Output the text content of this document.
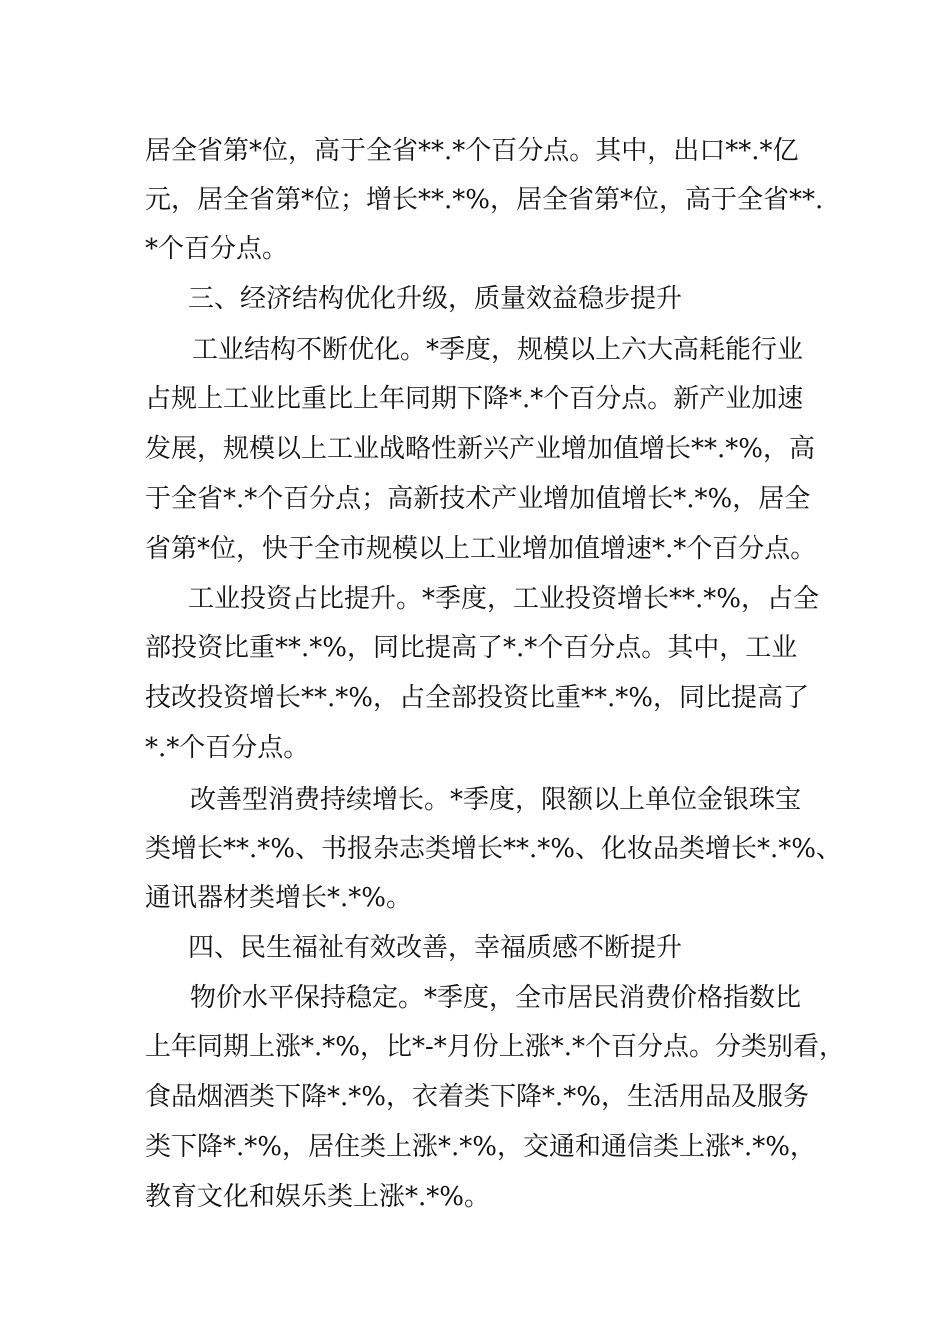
居全省第*位，高于全省**.*个百分点。其中，出口**.*亿
元，居全省第*位；增长**.*%，居全省第*位，高于全省**.
*个百分点。
三、经济结构优化升级，质量效益稳步提升
工业结构不断优化。*季度，规模以上六大高耗能行业
占规上工业比重比上年同期下降*.*个百分点。新产业加速
发展，规模以上工业战略性新兴产业增加值增长**.*%，高
于全省*.*个百分点；高新技术产业增加值增长*.*%，居全
省第*位，快于全市规模以上工业增加值增速*.*个百分点。
工业投资占比提升。*季度，工业投资增长**.*%，占全
部投资比重**.*%，同比提高了*.*个百分点。其中，工业
技改投资增长**.*%，占全部投资比重**.*%，同比提高了
*.*个百分点。
改善型消费持续增长。*季度，限额以上单位金银珠宝
类增长**.*%、书报杂志类增长**.*%、化妆品类增长*.*%、
通讯器材类增长*.*%。
四、民生福祉有效改善，幸福质感不断提升
物价水平保持稳定。*季度，全市居民消费价格指数比
上年同期上涨*.*%，比*-*月份上涨*.*个百分点。分类别看，
食品烟酒类下降*.*%，衣着类下降*.*%，生活用品及服务
类下降*.*%，居住类上涨*.*%，交通和通信类上涨*.*%，
教育文化和娱乐类上涨*.*%。
